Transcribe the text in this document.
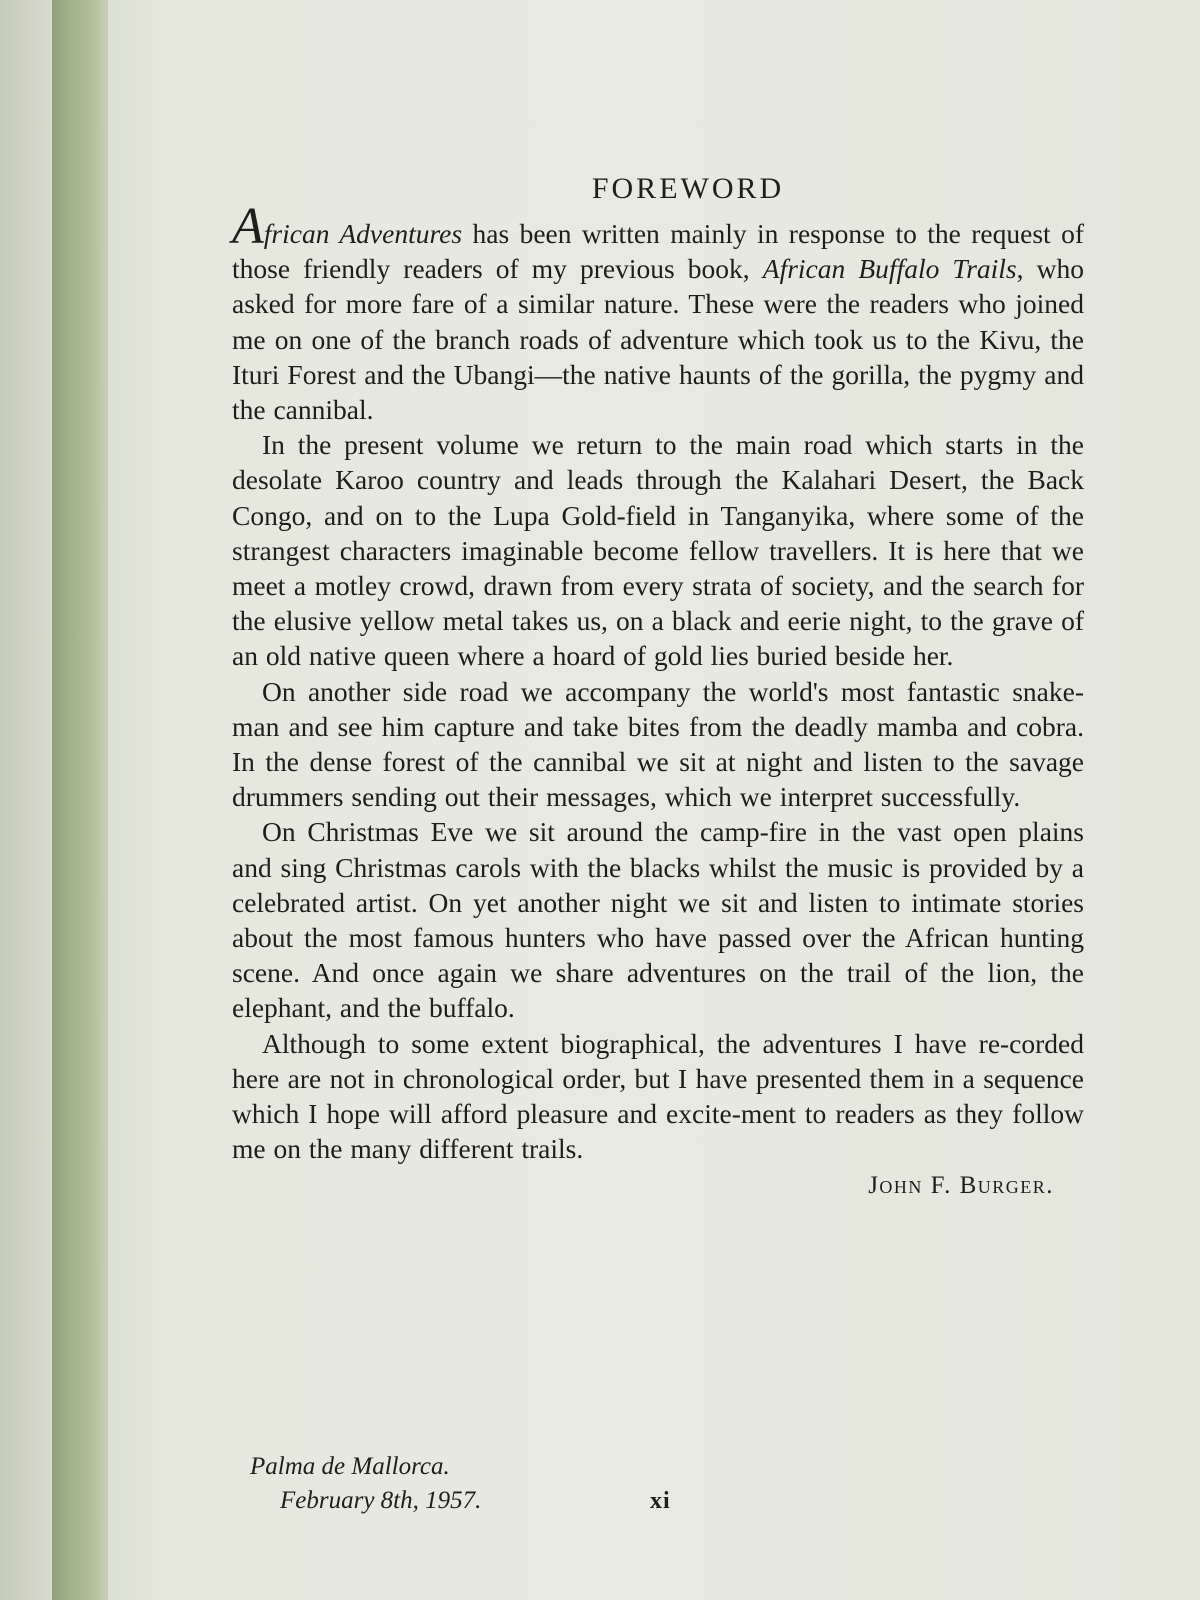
FOREWORD

African Adventures has been written mainly in response to the request of those friendly readers of my previous book, African Buffalo Trails, who asked for more fare of a similar nature. These were the readers who joined me on one of the branch roads of adventure which took us to the Kivu, the Ituri Forest and the Ubangi—the native haunts of the gorilla, the pygmy and the cannibal.

In the present volume we return to the main road which starts in the desolate Karoo country and leads through the Kalahari Desert, the Back Congo, and on to the Lupa Gold-field in Tanganyika, where some of the strangest characters imaginable become fellow travellers. It is here that we meet a motley crowd, drawn from every strata of society, and the search for the elusive yellow metal takes us, on a black and eerie night, to the grave of an old native queen where a hoard of gold lies buried beside her.

On another side road we accompany the world's most fantastic snake-man and see him capture and take bites from the deadly mamba and cobra. In the dense forest of the cannibal we sit at night and listen to the savage drummers sending out their messages, which we interpret successfully.

On Christmas Eve we sit around the camp-fire in the vast open plains and sing Christmas carols with the blacks whilst the music is provided by a celebrated artist. On yet another night we sit and listen to intimate stories about the most famous hunters who have passed over the African hunting scene. And once again we share adventures on the trail of the lion, the elephant, and the buffalo.

Although to some extent biographical, the adventures I have re-corded here are not in chronological order, but I have presented them in a sequence which I hope will afford pleasure and excite-ment to readers as they follow me on the many different trails.

John F. Burger.
Palma de Mallorca.
February 8th, 1957.	xi
